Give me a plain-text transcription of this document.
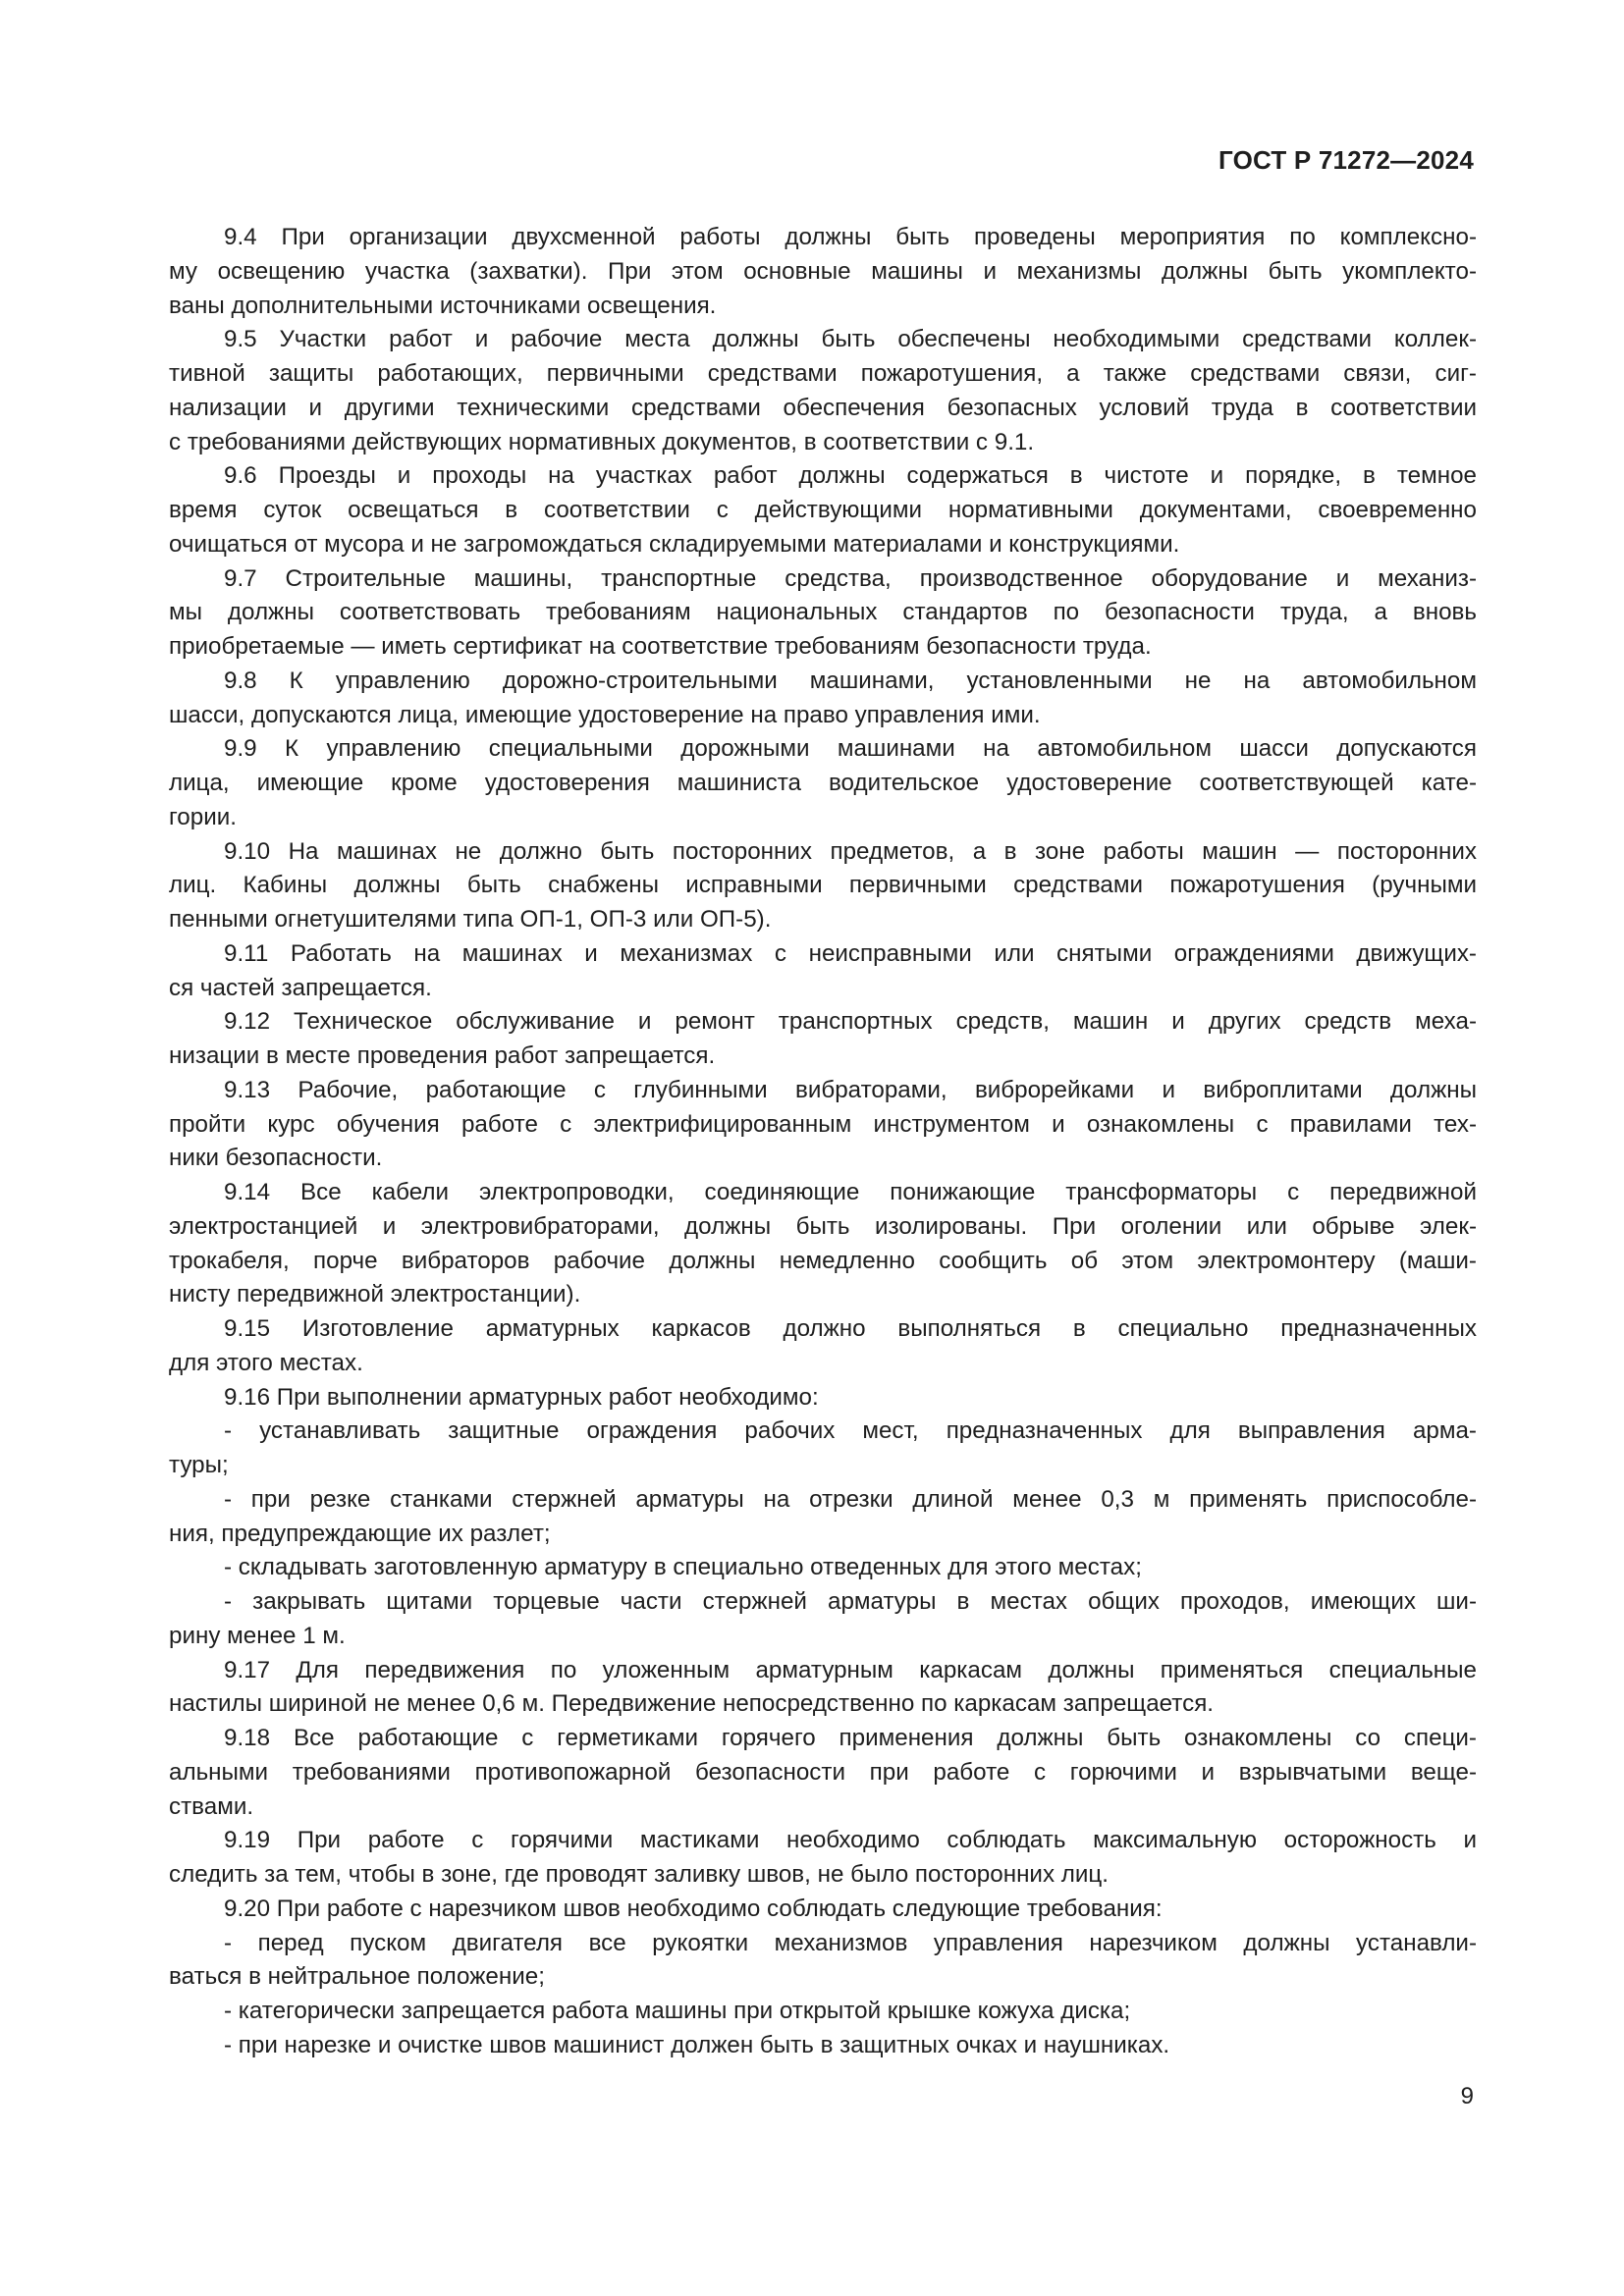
ГОСТ Р 71272—2024
9.4 При организации двухсменной работы должны быть проведены мероприятия по комплексно-
му освещению участка (захватки). При этом основные машины и механизмы должны быть укомплекто-
ваны дополнительными источниками освещения.
9.5 Участки работ и рабочие места должны быть обеспечены необходимыми средствами коллек-
тивной защиты работающих, первичными средствами пожаротушения, а также средствами связи, сиг-
нализации и другими техническими средствами обеспечения безопасных условий труда в соответствии
с требованиями действующих нормативных документов, в соответствии с 9.1.
9.6 Проезды и проходы на участках работ должны содержаться в чистоте и порядке, в темное
время суток освещаться в соответствии с действующими нормативными документами, своевременно
очищаться от мусора и не загромождаться складируемыми материалами и конструкциями.
9.7 Строительные машины, транспортные средства, производственное оборудование и механиз-
мы должны соответствовать требованиям национальных стандартов по безопасности труда, а вновь
приобретаемые — иметь сертификат на соответствие требованиям безопасности труда.
9.8 К управлению дорожно-строительными машинами, установленными не на автомобильном
шасси, допускаются лица, имеющие удостоверение на право управления ими.
9.9 К управлению специальными дорожными машинами на автомобильном шасси допускаются
лица, имеющие кроме удостоверения машиниста водительское удостоверение соответствующей кате-
гории.
9.10 На машинах не должно быть посторонних предметов, а в зоне работы машин — посторонних
лиц. Кабины должны быть снабжены исправными первичными средствами пожаротушения (ручными
пенными огнетушителями типа ОП-1, ОП-3 или ОП-5).
9.11 Работать на машинах и механизмах с неисправными или снятыми ограждениями движущих-
ся частей запрещается.
9.12 Техническое обслуживание и ремонт транспортных средств, машин и других средств меха-
низации в месте проведения работ запрещается.
9.13 Рабочие, работающие с глубинными вибраторами, виброрейками и виброплитами должны
пройти курс обучения работе с электрифицированным инструментом и ознакомлены с правилами тех-
ники безопасности.
9.14 Все кабели электропроводки, соединяющие понижающие трансформаторы с передвижной
электростанцией и электровибраторами, должны быть изолированы. При оголении или обрыве элек-
трокабеля, порче вибраторов рабочие должны немедленно сообщить об этом электромонтеру (маши-
нисту передвижной электростанции).
9.15 Изготовление арматурных каркасов должно выполняться в специально предназначенных
для этого местах.
9.16 При выполнении арматурных работ необходимо:
- устанавливать защитные ограждения рабочих мест, предназначенных для выправления арма-
туры;
- при резке станками стержней арматуры на отрезки длиной менее 0,3 м применять приспособле-
ния, предупреждающие их разлет;
- складывать заготовленную арматуру в специально отведенных для этого местах;
- закрывать щитами торцевые части стержней арматуры в местах общих проходов, имеющих ши-
рину менее 1 м.
9.17 Для передвижения по уложенным арматурным каркасам должны применяться специальные
настилы шириной не менее 0,6 м. Передвижение непосредственно по каркасам запрещается.
9.18 Все работающие с герметиками горячего применения должны быть ознакомлены со специ-
альными требованиями противопожарной безопасности при работе с горючими и взрывчатыми веще-
ствами.
9.19 При работе с горячими мастиками необходимо соблюдать максимальную осторожность и
следить за тем, чтобы в зоне, где проводят заливку швов, не было посторонних лиц.
9.20 При работе с нарезчиком швов необходимо соблюдать следующие требования:
- перед пуском двигателя все рукоятки механизмов управления нарезчиком должны устанавли-
ваться в нейтральное положение;
- категорически запрещается работа машины при открытой крышке кожуха диска;
- при нарезке и очистке швов машинист должен быть в защитных очках и наушниках.
9
